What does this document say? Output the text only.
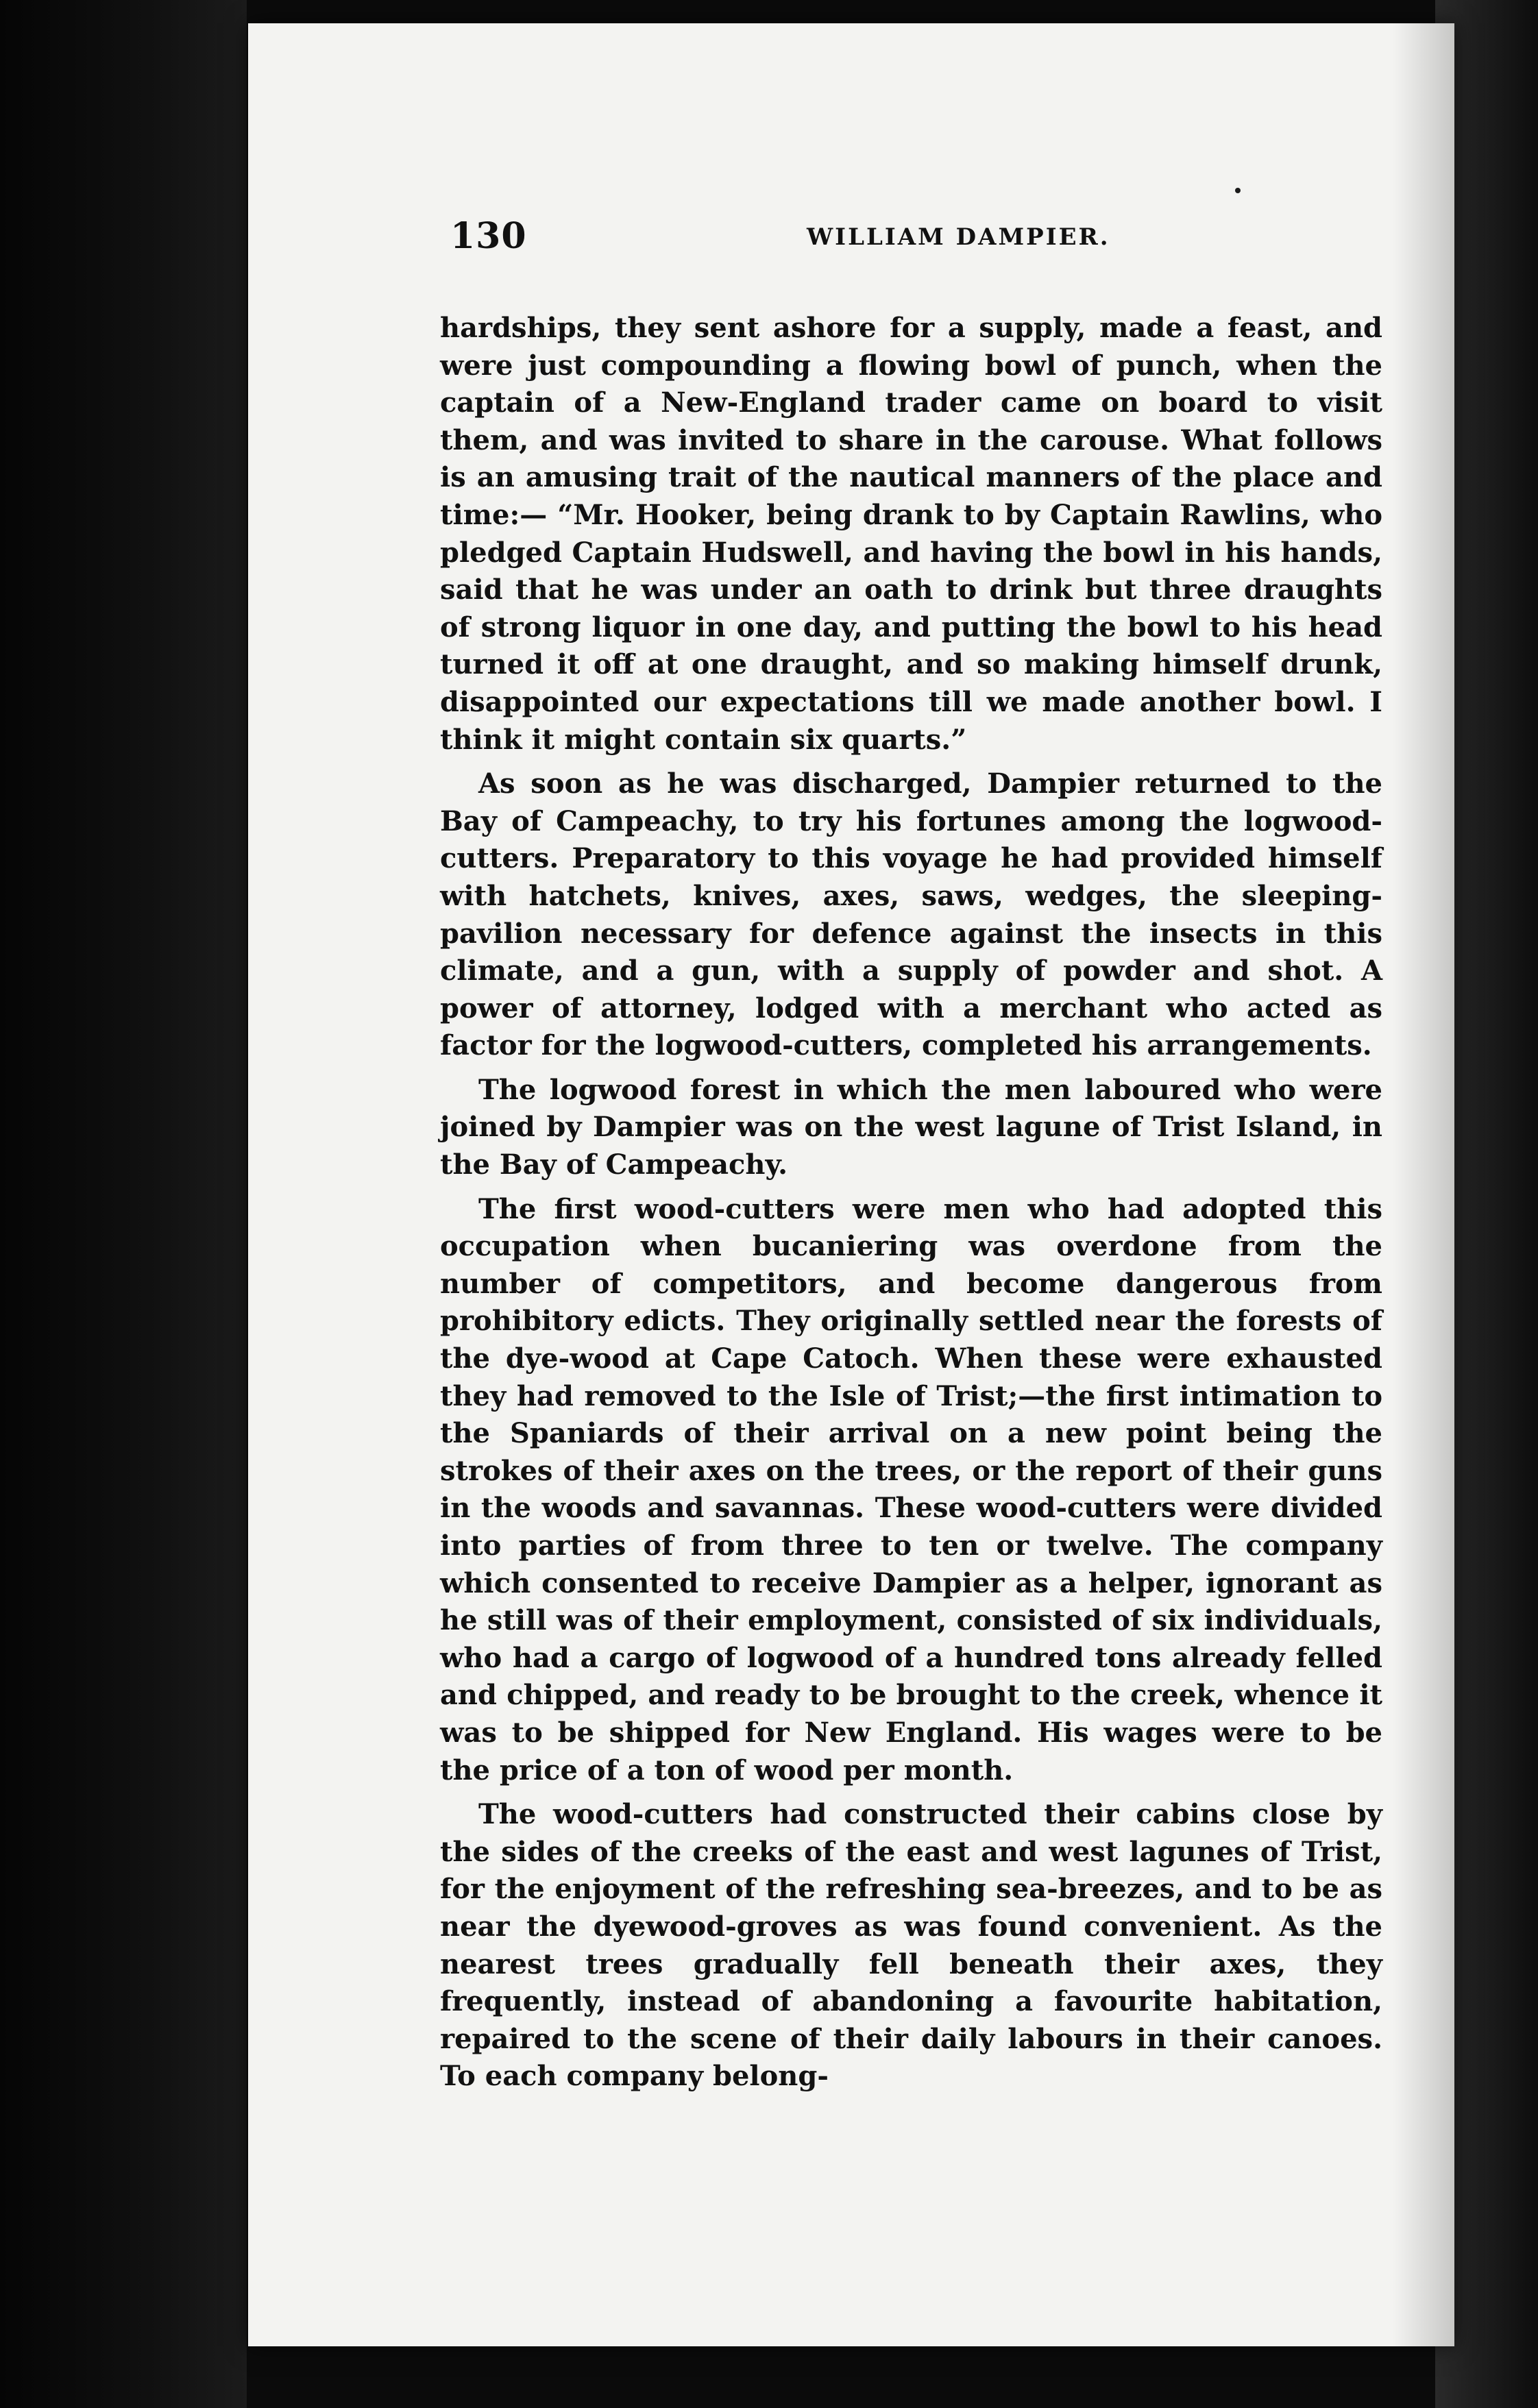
130	WILLIAM DAMPIER.

hardships, they sent ashore for a supply, made a feast, and were just compounding a flowing bowl of punch, when the captain of a New-England trader came on board to visit them, and was invited to share in the carouse. What follows is an amusing trait of the nautical manners of the place and time:— “Mr. Hooker, being drank to by Captain Rawlins, who pledged Captain Hudswell, and having the bowl in his hands, said that he was under an oath to drink but three draughts of strong liquor in one day, and putting the bowl to his head turned it off at one draught, and so making himself drunk, disappointed our expectations till we made another bowl. I think it might contain six quarts.”

As soon as he was discharged, Dampier returned to the Bay of Campeachy, to try his fortunes among the logwood-cutters. Preparatory to this voyage he had provided himself with hatchets, knives, axes, saws, wedges, the sleeping-pavilion necessary for defence against the insects in this climate, and a gun, with a supply of powder and shot. A power of attorney, lodged with a merchant who acted as factor for the logwood-cutters, completed his arrangements.

The logwood forest in which the men laboured who were joined by Dampier was on the west lagune of Trist Island, in the Bay of Campeachy.

The first wood-cutters were men who had adopted this occupation when bucaniering was overdone from the number of competitors, and become dangerous from prohibitory edicts. They originally settled near the forests of the dye-wood at Cape Catoch. When these were exhausted they had removed to the Isle of Trist;—the first intimation to the Spaniards of their arrival on a new point being the strokes of their axes on the trees, or the report of their guns in the woods and savannas. These wood-cutters were divided into parties of from three to ten or twelve. The company which consented to receive Dampier as a helper, ignorant as he still was of their employment, consisted of six individuals, who had a cargo of logwood of a hundred tons already felled and chipped, and ready to be brought to the creek, whence it was to be shipped for New England. His wages were to be the price of a ton of wood per month.

The wood-cutters had constructed their cabins close by the sides of the creeks of the east and west lagunes of Trist, for the enjoyment of the refreshing sea-breezes, and to be as near the dyewood-groves as was found convenient. As the nearest trees gradually fell beneath their axes, they frequently, instead of abandoning a favourite habitation, repaired to the scene of their daily labours in their canoes. To each company belong-
